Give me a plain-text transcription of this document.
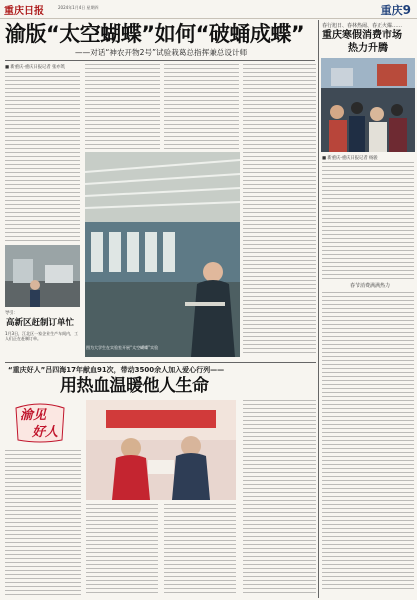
重庆日报	2024年1月4日 星期四	重庆9
渝版“太空蝴蝶”如何“破蛹成蝶”
——对话“神农开物2号”试验栽葛总指挥兼总设计师
春行旭日、春林热闹、春正火爆……
重庆寒假消费市场
热力升腾
■ 新重庆-重庆日报记者 杨骏
春节消费满满热力
■ 新重庆-重庆日报记者 张亦筑
图为大学生在实验室开展“太空蝴蝶”实验
导引：
高新区赶制订单忙
1月3日，江北区一家企业生产车间内，工人们正在赶制订单。
“重庆好人”吕四海17年献血91次，带动3500余人加入爱心行列——
用热血温暖他人生命
渝见
好人
